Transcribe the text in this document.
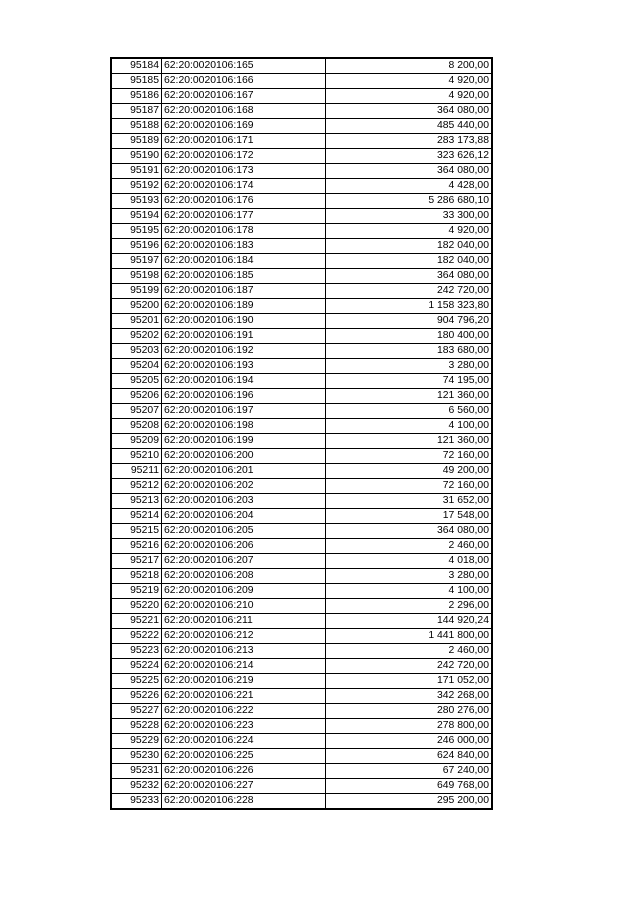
95184	62:20:0020106:165	8 200,00
95185	62:20:0020106:166	4 920,00
95186	62:20:0020106:167	4 920,00
95187	62:20:0020106:168	364 080,00
95188	62:20:0020106:169	485 440,00
95189	62:20:0020106:171	283 173,88
95190	62:20:0020106:172	323 626,12
95191	62:20:0020106:173	364 080,00
95192	62:20:0020106:174	4 428,00
95193	62:20:0020106:176	5 286 680,10
95194	62:20:0020106:177	33 300,00
95195	62:20:0020106:178	4 920,00
95196	62:20:0020106:183	182 040,00
95197	62:20:0020106:184	182 040,00
95198	62:20:0020106:185	364 080,00
95199	62:20:0020106:187	242 720,00
95200	62:20:0020106:189	1 158 323,80
95201	62:20:0020106:190	904 796,20
95202	62:20:0020106:191	180 400,00
95203	62:20:0020106:192	183 680,00
95204	62:20:0020106:193	3 280,00
95205	62:20:0020106:194	74 195,00
95206	62:20:0020106:196	121 360,00
95207	62:20:0020106:197	6 560,00
95208	62:20:0020106:198	4 100,00
95209	62:20:0020106:199	121 360,00
95210	62:20:0020106:200	72 160,00
95211	62:20:0020106:201	49 200,00
95212	62:20:0020106:202	72 160,00
95213	62:20:0020106:203	31 652,00
95214	62:20:0020106:204	17 548,00
95215	62:20:0020106:205	364 080,00
95216	62:20:0020106:206	2 460,00
95217	62:20:0020106:207	4 018,00
95218	62:20:0020106:208	3 280,00
95219	62:20:0020106:209	4 100,00
95220	62:20:0020106:210	2 296,00
95221	62:20:0020106:211	144 920,24
95222	62:20:0020106:212	1 441 800,00
95223	62:20:0020106:213	2 460,00
95224	62:20:0020106:214	242 720,00
95225	62:20:0020106:219	171 052,00
95226	62:20:0020106:221	342 268,00
95227	62:20:0020106:222	280 276,00
95228	62:20:0020106:223	278 800,00
95229	62:20:0020106:224	246 000,00
95230	62:20:0020106:225	624 840,00
95231	62:20:0020106:226	67 240,00
95232	62:20:0020106:227	649 768,00
95233	62:20:0020106:228	295 200,00
